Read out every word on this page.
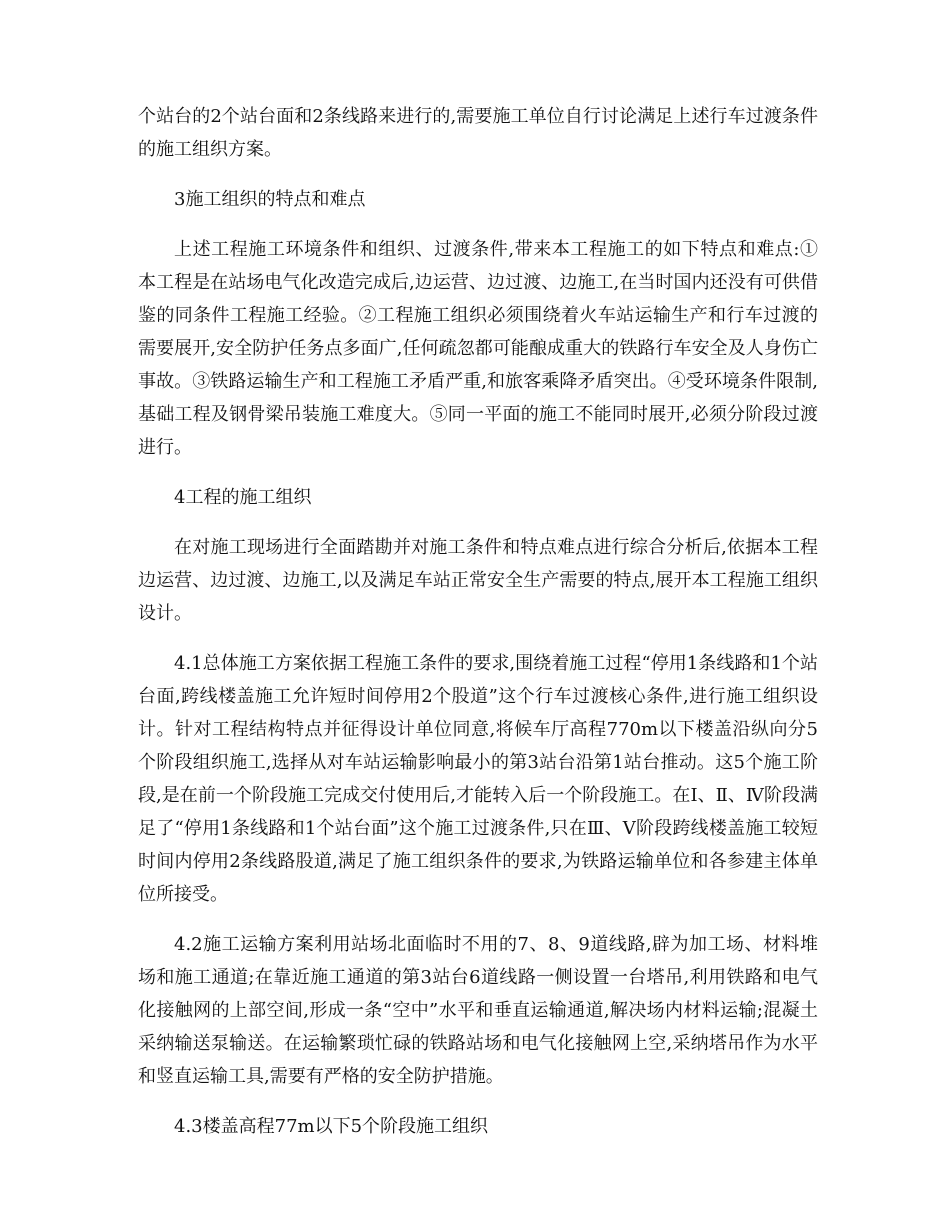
个站台的2个站台面和2条线路来进行的,需要施工单位自行讨论满足上述行车过渡条件的施工组织方案。

3施工组织的特点和难点

上述工程施工环境条件和组织、过渡条件,带来本工程施工的如下特点和难点:① 本工程是在站场电气化改造完成后,边运营、边过渡、边施工,在当时国内还没有可供借鉴的同条件工程施工经验。②工程施工组织必须围绕着火车站运输生产和行车过渡的需要展开,安全防护任务点多面广,任何疏忽都可能酿成重大的铁路行车安全及人身伤亡事故。③铁路运输生产和工程施工矛盾严重,和旅客乘降矛盾突出。④受环境条件限制,基础工程及钢骨梁吊装施工难度大。⑤同一平面的施工不能同时展开,必须分阶段过渡进行。

4工程的施工组织

在对施工现场进行全面踏勘并对施工条件和特点难点进行综合分析后,依据本工程边运营、边过渡、边施工,以及满足车站正常安全生产需要的特点,展开本工程施工组织设计。

4.1总体施工方案依据工程施工条件的要求,围绕着施工过程“停用1条线路和1个站台面,跨线楼盖施工允许短时间停用2个股道”这个行车过渡核心条件,进行施工组织设计。针对工程结构特点并征得设计单位同意,将候车厅高程770m以下楼盖沿纵向分5个阶段组织施工,选择从对车站运输影响最小的第3站台沿第1站台推动。这5个施工阶段,是在前一个阶段施工完成交付使用后,才能转入后一个阶段施工。在Ⅰ、Ⅱ、Ⅳ阶段满足了“停用1条线路和1个站台面”这个施工过渡条件,只在Ⅲ、Ⅴ阶段跨线楼盖施工较短时间内停用2条线路股道,满足了施工组织条件的要求,为铁路运输单位和各参建主体单位所接受。

4.2施工运输方案利用站场北面临时不用的7、8、9道线路,辟为加工场、材料堆场和施工通道;在靠近施工通道的第3站台6道线路一侧设置一台塔吊,利用铁路和电气化接触网的上部空间,形成一条“空中”水平和垂直运输通道,解决场内材料运输;混凝土采纳输送泵输送。在运输繁琐忙碌的铁路站场和电气化接触网上空,采纳塔吊作为水平和竖直运输工具,需要有严格的安全防护措施。

4.3楼盖高程77m以下5个阶段施工组织
